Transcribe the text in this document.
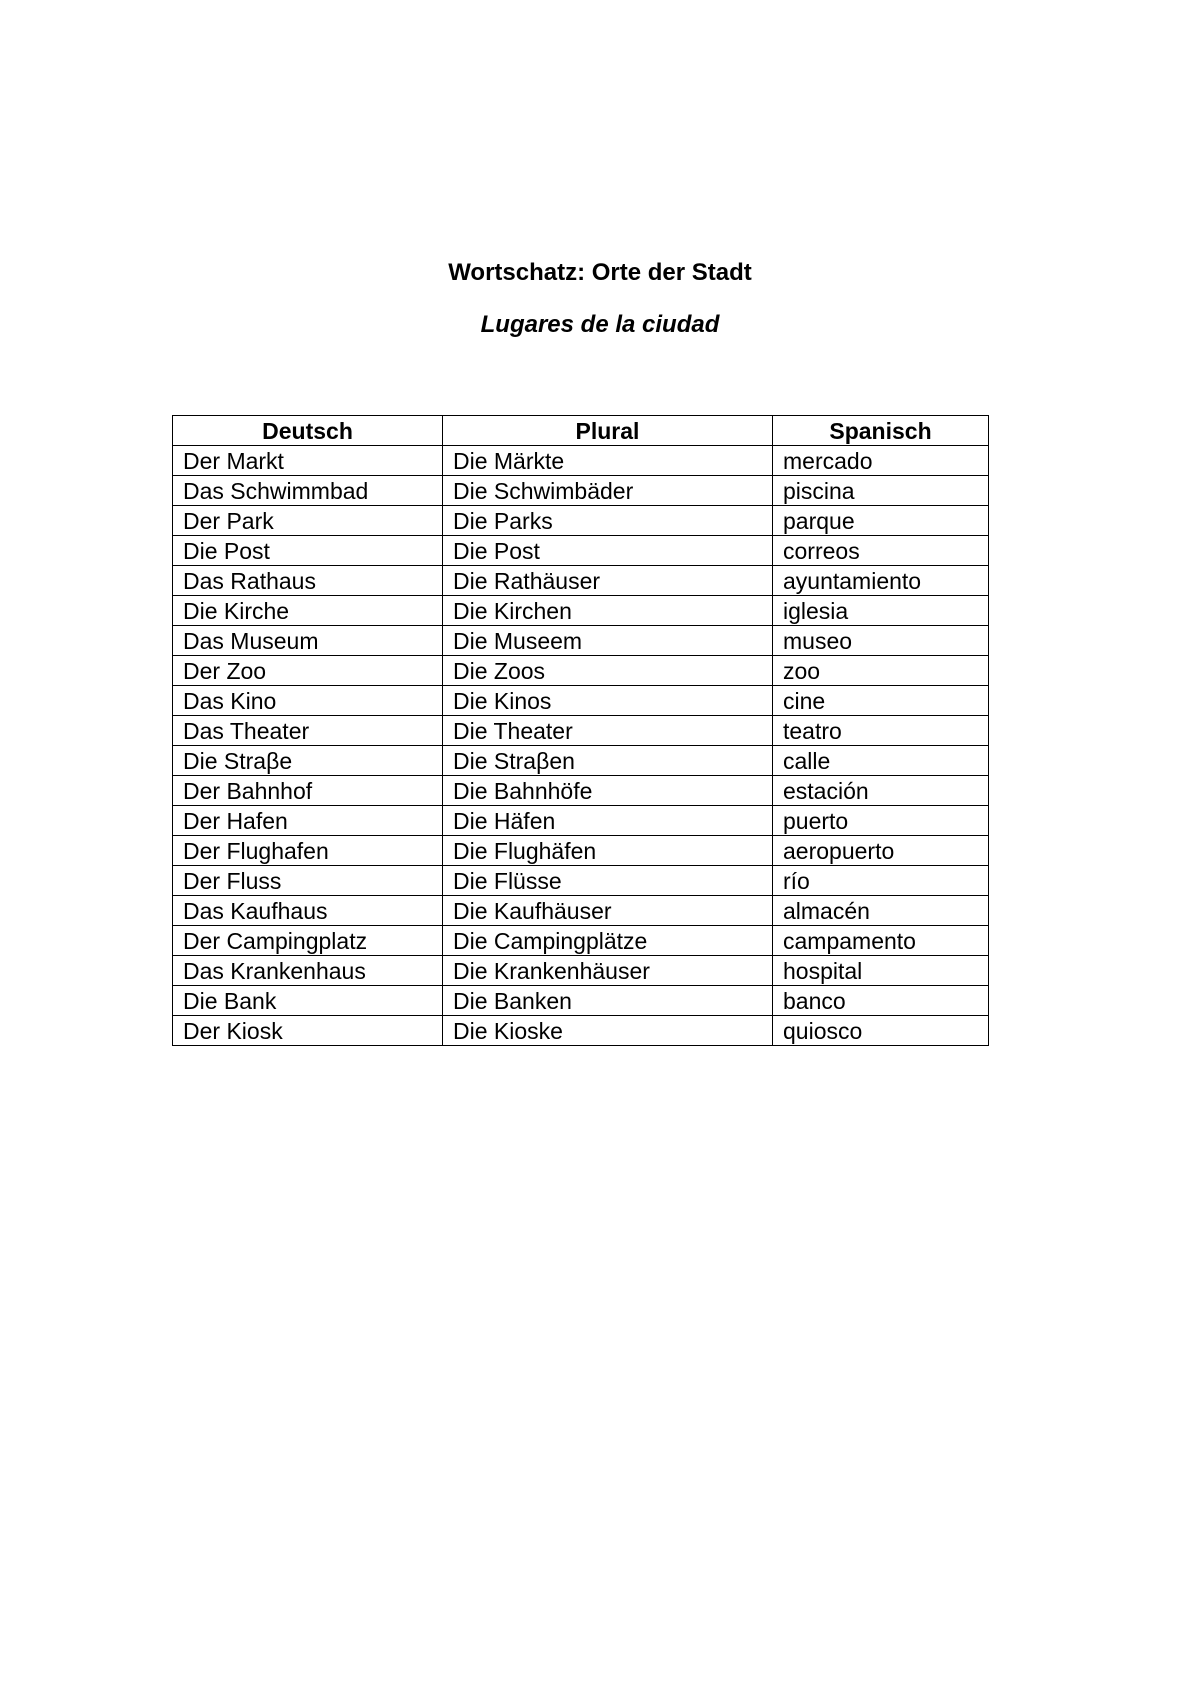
Wortschatz: Orte der Stadt
Lugares de la ciudad
Deutsch	Plural	Spanisch
Der Markt	Die Märkte	mercado
Das Schwimmbad	Die Schwimbäder	piscina
Der Park	Die Parks	parque
Die Post	Die Post	correos
Das Rathaus	Die Rathäuser	ayuntamiento
Die Kirche	Die Kirchen	iglesia
Das Museum	Die Museem	museo
Der Zoo	Die Zoos	zoo
Das Kino	Die Kinos	cine
Das Theater	Die Theater	teatro
Die Straβe	Die Straβen	calle
Der Bahnhof	Die Bahnhöfe	estación
Der Hafen	Die Häfen	puerto
Der Flughafen	Die Flughäfen	aeropuerto
Der Fluss	Die Flüsse	río
Das Kaufhaus	Die Kaufhäuser	almacén
Der Campingplatz	Die Campingplätze	campamento
Das Krankenhaus	Die Krankenhäuser	hospital
Die Bank	Die Banken	banco
Der Kiosk	Die Kioske	quiosco
